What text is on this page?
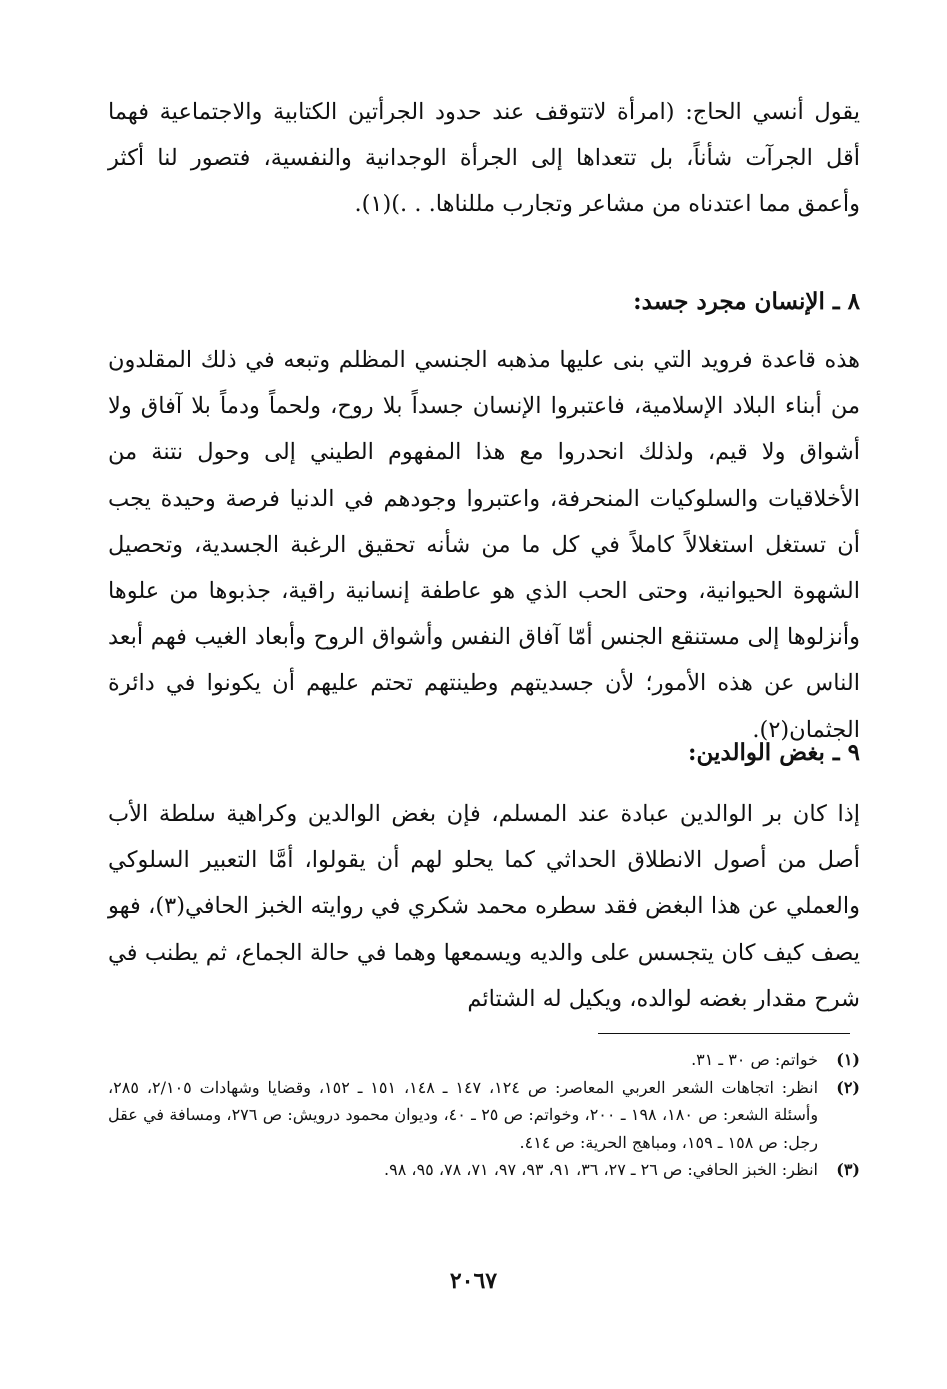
يقول أنسي الحاج: (امرأة لاتتوقف عند حدود الجرأتين الكتابية والاجتماعية فهما أقل الجرآت شأناً، بل تتعداها إلى الجرأة الوجدانية والنفسية، فتصور لنا أكثر وأعمق مما اعتدناه من مشاعر وتجارب مللناها. . .)(١).

٨ ـ الإنسان مجرد جسد:

هذه قاعدة فرويد التي بنى عليها مذهبه الجنسي المظلم وتبعه في ذلك المقلدون من أبناء البلاد الإسلامية، فاعتبروا الإنسان جسداً بلا روح، ولحماً ودماً بلا آفاق ولا أشواق ولا قيم، ولذلك انحدروا مع هذا المفهوم الطيني إلى وحول نتنة من الأخلاقيات والسلوكيات المنحرفة، واعتبروا وجودهم في الدنيا فرصة وحيدة يجب أن تستغل استغلالاً كاملاً في كل ما من شأنه تحقيق الرغبة الجسدية، وتحصيل الشهوة الحيوانية، وحتى الحب الذي هو عاطفة إنسانية راقية، جذبوها من علوها وأنزلوها إلى مستنقع الجنس أمّا آفاق النفس وأشواق الروح وأبعاد الغيب فهم أبعد الناس عن هذه الأمور؛ لأن جسديتهم وطينتهم تحتم عليهم أن يكونوا في دائرة الجثمان(٢).

٩ ـ بغض الوالدين:

إذا كان بر الوالدين عبادة عند المسلم، فإن بغض الوالدين وكراهية سلطة الأب أصل من أصول الانطلاق الحداثي كما يحلو لهم أن يقولوا، أمَّا التعبير السلوكي والعملي عن هذا البغض فقد سطره محمد شكري في روايته الخبز الحافي(٣)، فهو يصف كيف كان يتجسس على والديه ويسمعها وهما في حالة الجماع، ثم يطنب في شرح مقدار بغضه لوالده، ويكيل له الشتائم

(١)
خواتم: ص ٣٠ ـ ٣١.
(٢)
انظر: اتجاهات الشعر العربي المعاصر: ص ١٢٤، ١٤٧ ـ ١٤٨، ١٥١ ـ ١٥٢، وقضايا وشهادات ٢/١٠٥، ٢٨٥، وأسئلة الشعر: ص ١٨٠، ١٩٨ ـ ٢٠٠، وخواتم: ص ٢٥ ـ ٤٠، وديوان محمود درويش: ص ٢٧٦، ومسافة في عقل رجل: ص ١٥٨ ـ ١٥٩، ومباهج الحرية: ص ٤١٤.
(٣)
انظر: الخبز الحافي: ص ٢٦ ـ ٢٧، ٣٦، ٩١، ٩٣، ٩٧، ٧١، ٧٨، ٩٥، ٩٨.
٢٠٦٧
